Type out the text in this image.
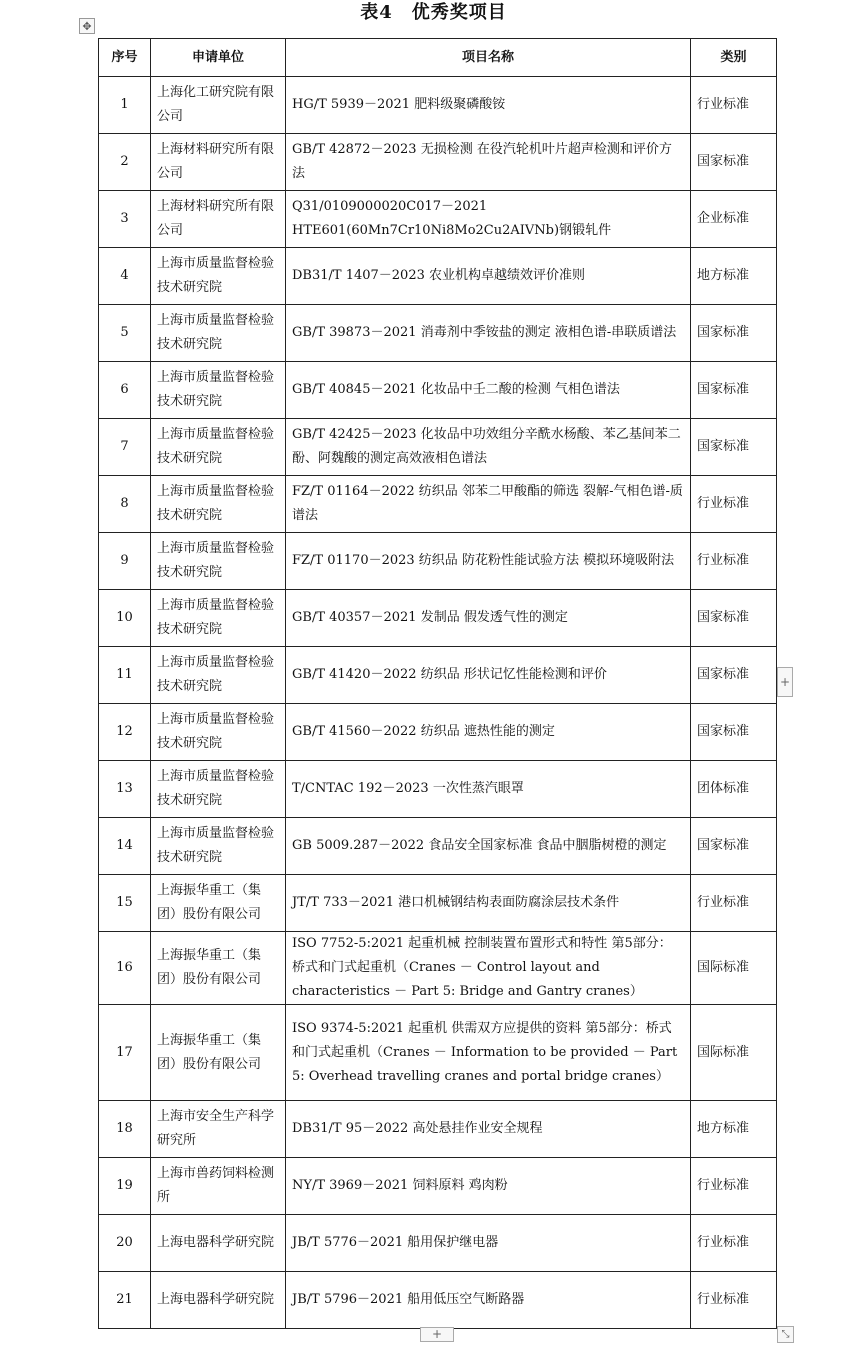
表4　优秀奖项目
✥
序号	申请单位	项目名称	类别
1	上海化工研究院有限公司	HG/T 5939－2021 肥料级聚磷酸铵	行业标准
2	上海材料研究所有限公司	GB/T 42872－2023 无损检测 在役汽轮机叶片超声检测和评价方法	国家标准
3	上海材料研究所有限公司	Q31/0109000020C017－2021 HTE601(60Mn7Cr10Ni8Mo2Cu2AIVNb)钢锻轧件	企业标准
4	上海市质量监督检验技术研究院	DB31/T 1407－2023 农业机构卓越绩效评价准则	地方标准
5	上海市质量监督检验技术研究院	GB/T 39873－2021 消毒剂中季铵盐的测定 液相色谱-串联质谱法	国家标准
6	上海市质量监督检验技术研究院	GB/T 40845－2021 化妆品中壬二酸的检测 气相色谱法	国家标准
7	上海市质量监督检验技术研究院	GB/T 42425－2023 化妆品中功效组分辛酰水杨酸、苯乙基间苯二酚、阿魏酸的测定高效液相色谱法	国家标准
8	上海市质量监督检验技术研究院	FZ/T 01164－2022 纺织品 邻苯二甲酸酯的筛选 裂解-气相色谱-质谱法	行业标准
9	上海市质量监督检验技术研究院	FZ/T 01170－2023 纺织品 防花粉性能试验方法 模拟环境吸附法	行业标准
10	上海市质量监督检验技术研究院	GB/T 40357－2021 发制品 假发透气性的测定	国家标准
11	上海市质量监督检验技术研究院	GB/T 41420－2022 纺织品 形状记忆性能检测和评价	国家标准
12	上海市质量监督检验技术研究院	GB/T 41560－2022 纺织品 遮热性能的测定	国家标准
13	上海市质量监督检验技术研究院	T/CNTAC 192－2023 一次性蒸汽眼罩	团体标准
14	上海市质量监督检验技术研究院	GB 5009.287－2022 食品安全国家标准 食品中胭脂树橙的测定	国家标准
15	上海振华重工（集团）股份有限公司	JT/T 733－2021 港口机械钢结构表面防腐涂层技术条件	行业标准
16	上海振华重工（集团）股份有限公司	ISO 7752-5:2021 起重机械 控制装置布置形式和特性 第5部分：桥式和门式起重机（Cranes － Control layout and characteristics － Part 5: Bridge and Gantry cranes）	国际标准
17	上海振华重工（集团）股份有限公司	ISO 9374-5:2021 起重机 供需双方应提供的资料 第5部分：桥式和门式起重机（Cranes － Information to be provided － Part 5: Overhead travelling cranes and portal bridge cranes）	国际标准
18	上海市安全生产科学研究所	DB31/T 95－2022 高处悬挂作业安全规程	地方标准
19	上海市兽药饲料检测所	NY/T 3969－2021 饲料原料 鸡肉粉	行业标准
20	上海电器科学研究院	JB/T 5776－2021 船用保护继电器	行业标准
21	上海电器科学研究院	JB/T 5796－2021 船用低压空气断路器	行业标准
+
+	⤡
